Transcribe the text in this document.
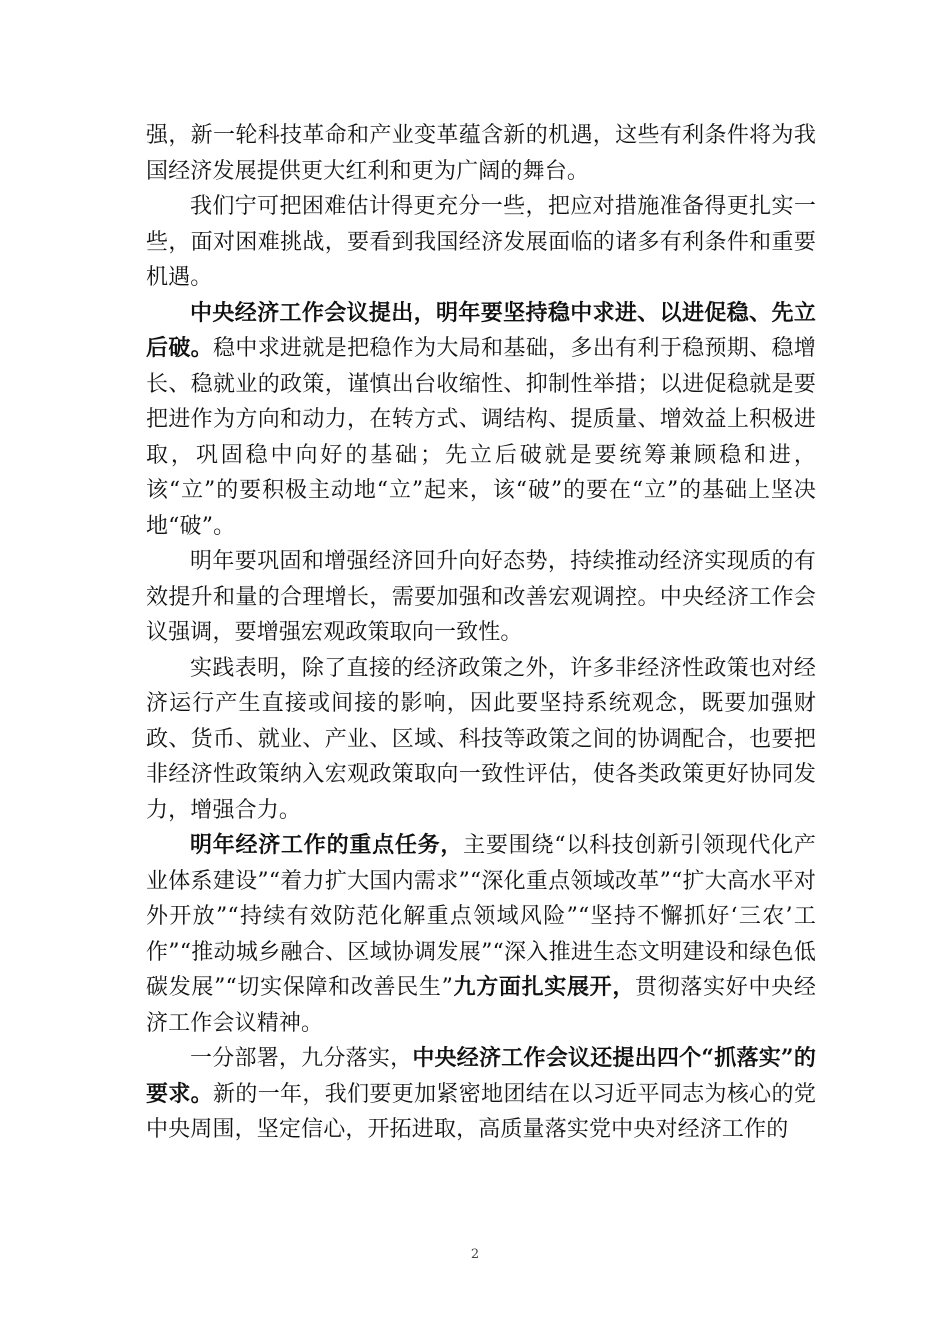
强，新一轮科技革命和产业变革蕴含新的机遇，这些有利条件将为我国经济发展提供更大红利和更为广阔的舞台。

我们宁可把困难估计得更充分一些，把应对措施准备得更扎实一些，面对困难挑战，要看到我国经济发展面临的诸多有利条件和重要机遇。

中央经济工作会议提出，明年要坚持稳中求进、以进促稳、先立后破。稳中求进就是把稳作为大局和基础，多出有利于稳预期、稳增长、稳就业的政策，谨慎出台收缩性、抑制性举措；以进促稳就是要把进作为方向和动力，在转方式、调结构、提质量、增效益上积极进取，巩固稳中向好的基础；先立后破就是要统筹兼顾稳和进，该“立”的要积极主动地“立”起来，该“破”的要在“立”的基础上坚决地“破”。

明年要巩固和增强经济回升向好态势，持续推动经济实现质的有效提升和量的合理增长，需要加强和改善宏观调控。中央经济工作会议强调，要增强宏观政策取向一致性。

实践表明，除了直接的经济政策之外，许多非经济性政策也对经济运行产生直接或间接的影响，因此要坚持系统观念，既要加强财政、货币、就业、产业、区域、科技等政策之间的协调配合，也要把非经济性政策纳入宏观政策取向一致性评估，使各类政策更好协同发力，增强合力。

明年经济工作的重点任务，主要围绕“以科技创新引领现代化产业体系建设”“着力扩大国内需求”“深化重点领域改革”“扩大高水平对外开放”“持续有效防范化解重点领域风险”“坚持不懈抓好‘三农’工作”“推动城乡融合、区域协调发展”“深入推进生态文明建设和绿色低碳发展”“切实保障和改善民生”九方面扎实展开，贯彻落实好中央经济工作会议精神。

一分部署，九分落实，中央经济工作会议还提出四个“抓落实”的要求。新的一年，我们要更加紧密地团结在以习近平同志为核心的党中央周围，坚定信心，开拓进取，高质量落实党中央对经济工作的

2
